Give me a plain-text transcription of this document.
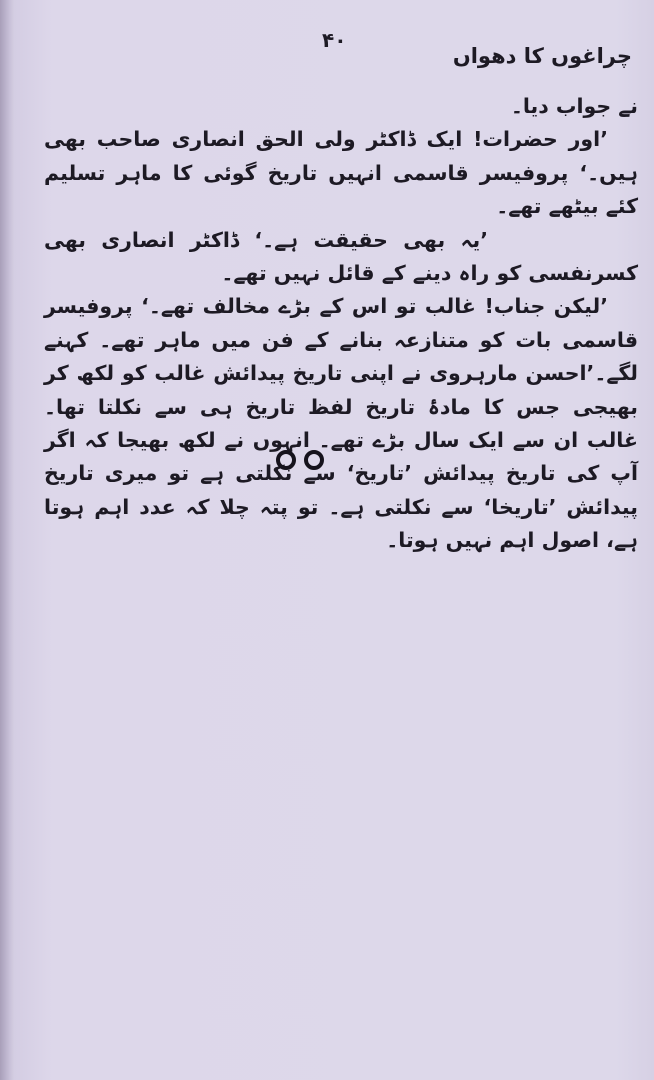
۴۰
چراغوں کا دھواں

نے جواب دیا۔

’اور حضرات! ایک ڈاکٹر ولی الحق انصاری صاحب بھی ہیں۔‘ پروفیسر قاسمی انہیں تاریخ گوئی کا ماہر تسلیم کئے بیٹھے تھے۔

’یہ بھی حقیقت ہے۔‘ ڈاکٹر انصاری بھی کسرنفسی کو راہ دینے کے قائل نہیں تھے۔

’لیکن جناب! غالب تو اس کے بڑے مخالف تھے۔‘ پروفیسر قاسمی بات کو متنازعہ بنانے کے فن میں ماہر تھے۔ کہنے لگے۔’احسن مارہروی نے اپنی تاریخ پیدائش غالب کو لکھ کر بھیجی جس کا مادۂ تاریخ لفظ تاریخ ہی سے نکلتا تھا۔ غالب ان سے ایک سال بڑے تھے۔ انہوں نے لکھ بھیجا کہ اگر آپ کی تاریخ پیدائش ’تاریخ‘ سے نکلتی ہے تو میری تاریخ پیدائش ’تاریخا‘ سے نکلتی ہے۔ تو پتہ چلا کہ عدد اہم ہوتا ہے، اصول اہم نہیں ہوتا۔
